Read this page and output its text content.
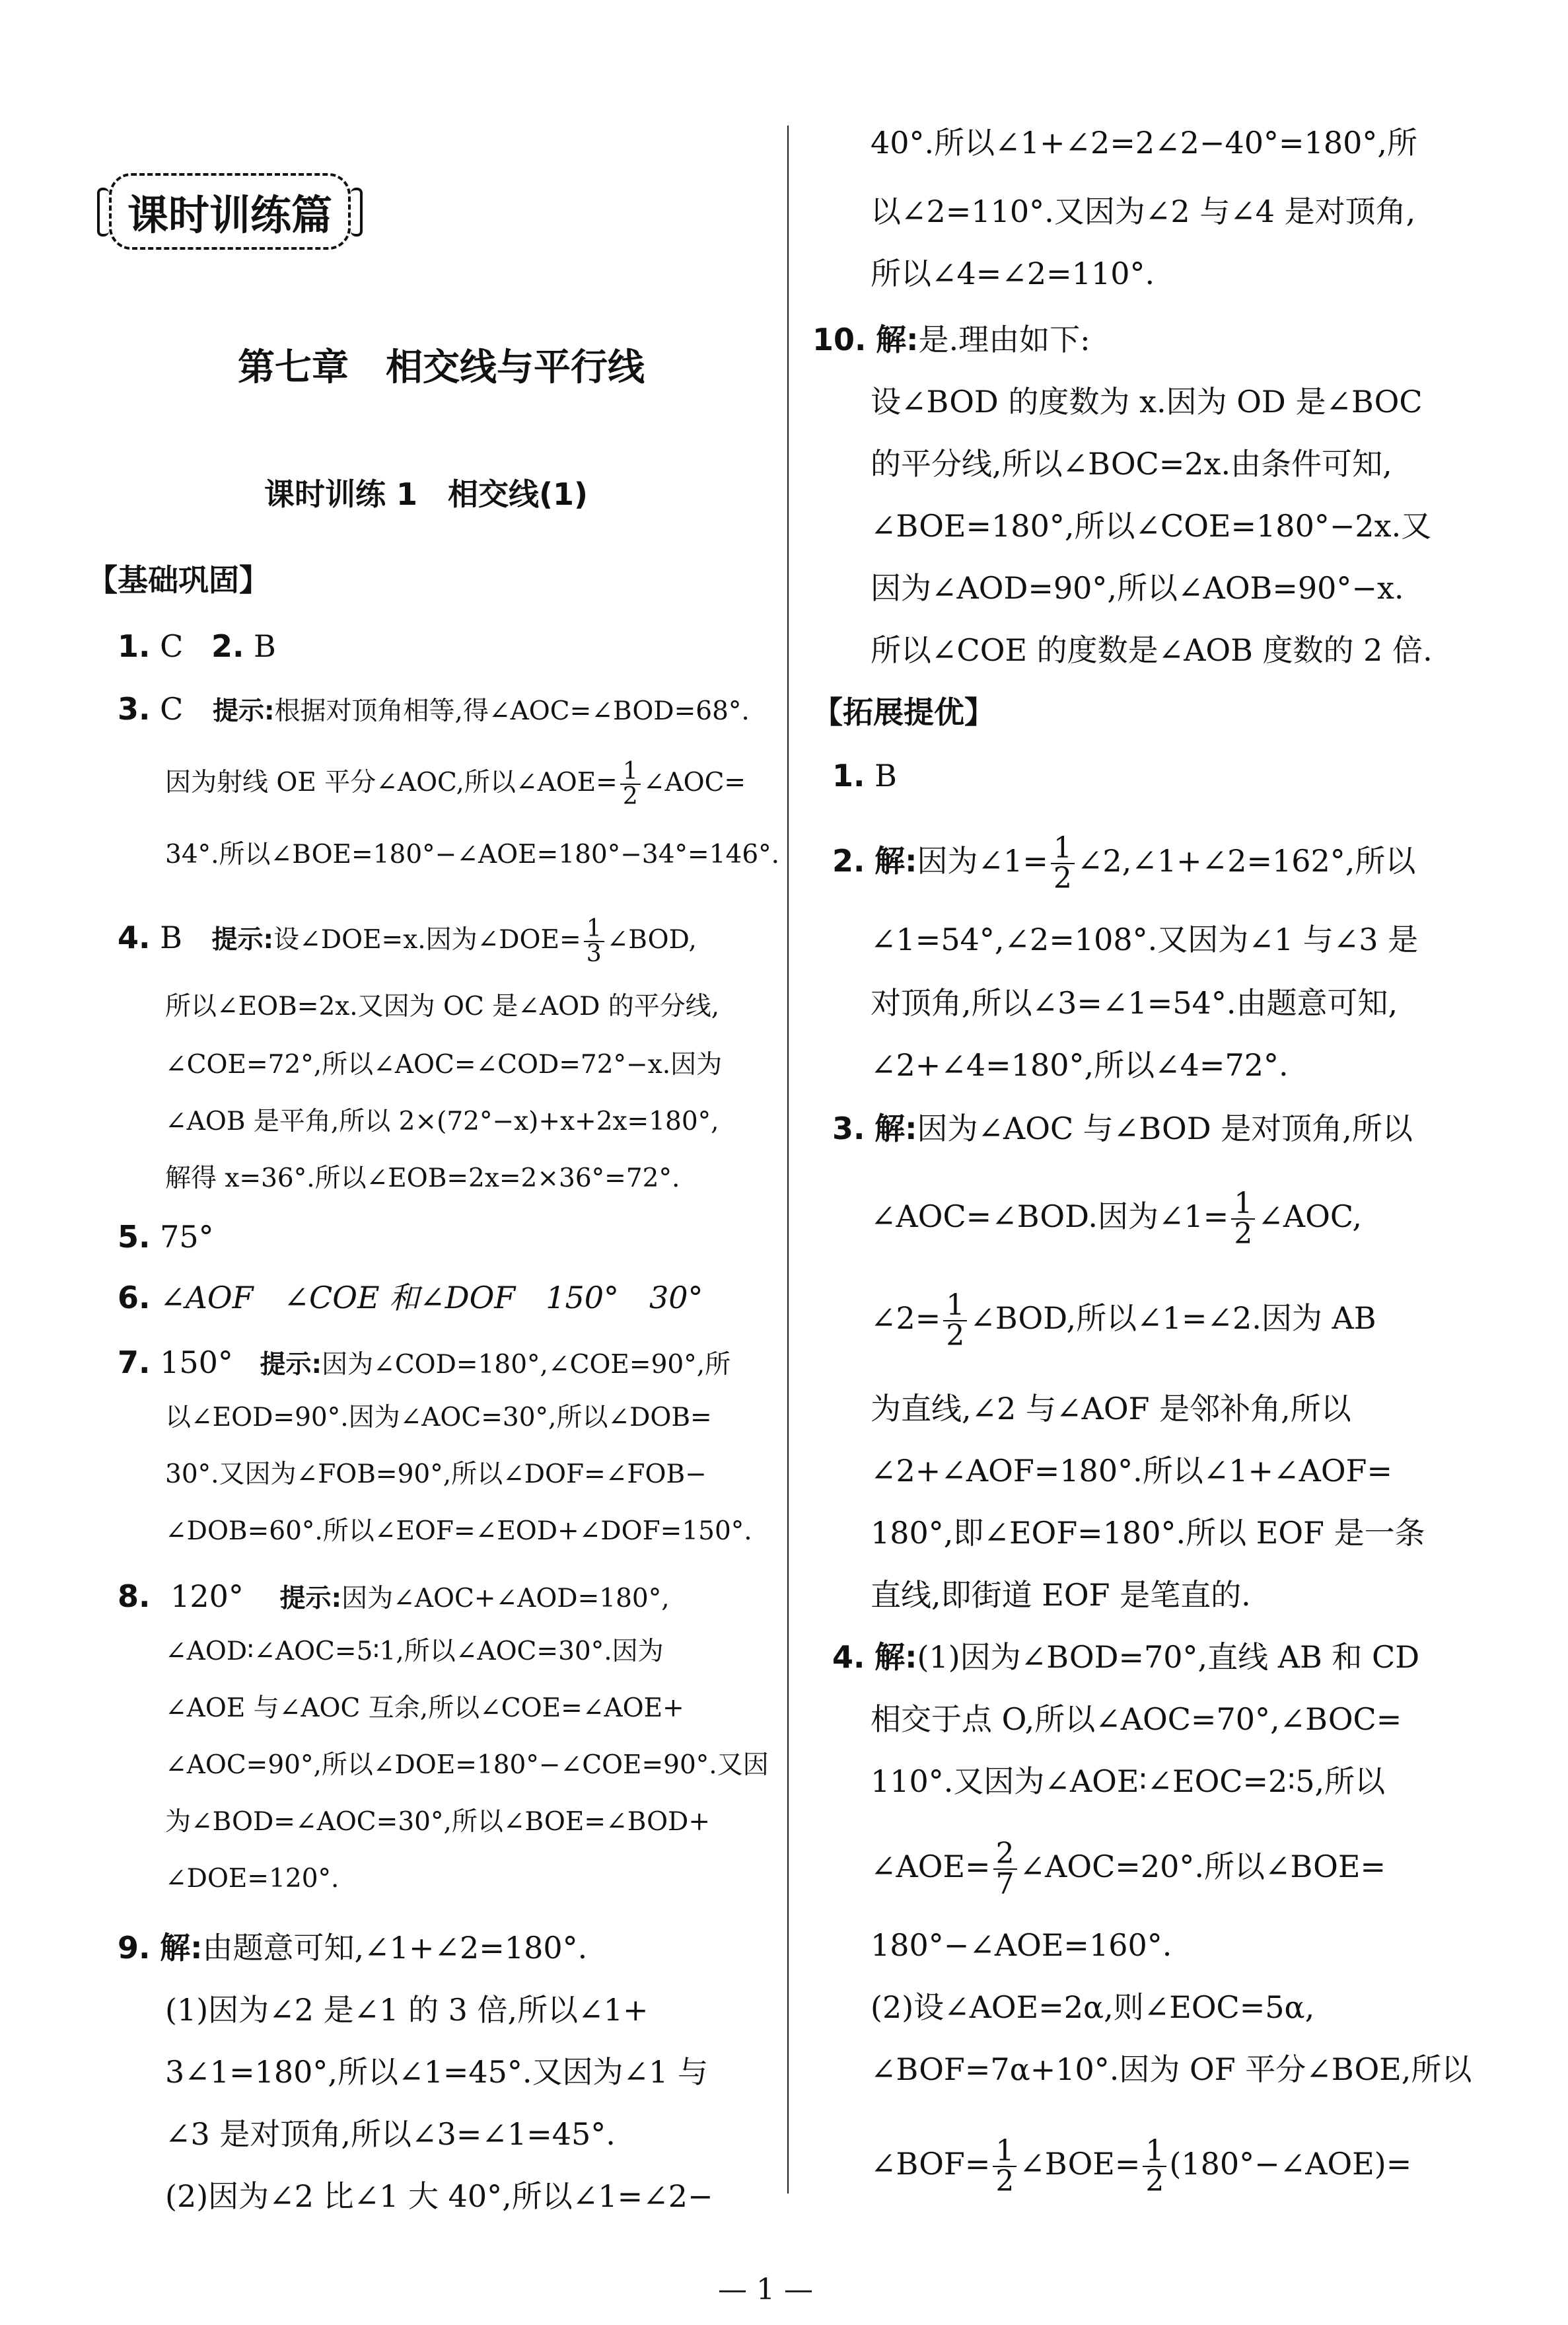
课时训练篇
第七章　相交线与平行线
课时训练 1　相交线(1)
【基础巩固】
1. C 2. B
3. C 提示:根据对顶角相等,得∠AOC=∠BOD=68°.
因为射线 OE 平分∠AOC,所以∠AOE= $\frac{1}{2}$ ∠AOC=
34°.所以∠BOE=180°−∠AOE=180°−34°=146°.
4. B 提示:设∠DOE=x.因为∠DOE= $\frac{1}{3}$ ∠BOD,
所以∠EOB=2x.又因为 OC 是∠AOD 的平分线,
∠COE=72°,所以∠AOC=∠COD=72°−x.因为
∠AOB 是平角,所以 2×(72°−x)+x+2x=180°,
解得 x=36°.所以∠EOB=2x=2×36°=72°.
5. 75°
6. ∠AOF　∠COE 和∠DOF　150°　30°
7. 150° 提示:因为∠COD=180°,∠COE=90°,所
以∠EOD=90°.因为∠AOC=30°,所以∠DOB=
30°.又因为∠FOB=90°,所以∠DOF=∠FOB−
∠DOB=60°.所以∠EOF=∠EOD+∠DOF=150°.
8. 120° 提示:因为∠AOC+∠AOD=180°,
∠AOD∶∠AOC=5∶1,所以∠AOC=30°.因为
∠AOE 与∠AOC 互余,所以∠COE=∠AOE+
∠AOC=90°,所以∠DOE=180°−∠COE=90°.又因
为∠BOD=∠AOC=30°,所以∠BOE=∠BOD+
∠DOE=120°.
9. 解:由题意可知,∠1+∠2=180°.
(1)因为∠2 是∠1 的 3 倍,所以∠1+
3∠1=180°,所以∠1=45°.又因为∠1 与
∠3 是对顶角,所以∠3=∠1=45°.
(2)因为∠2 比∠1 大 40°,所以∠1=∠2−
40°.所以∠1+∠2=2∠2−40°=180°,所
以∠2=110°.又因为∠2 与∠4 是对顶角,
所以∠4=∠2=110°.
10. 解:是.理由如下:
设∠BOD 的度数为 x.因为 OD 是∠BOC
的平分线,所以∠BOC=2x.由条件可知,
∠BOE=180°,所以∠COE=180°−2x.又
因为∠AOD=90°,所以∠AOB=90°−x.
所以∠COE 的度数是∠AOB 度数的 2 倍.
【拓展提优】
1. B
2. 解:因为∠1= $\frac{1}{2}$ ∠2,∠1+∠2=162°,所以
∠1=54°,∠2=108°.又因为∠1 与∠3 是
对顶角,所以∠3=∠1=54°.由题意可知,
∠2+∠4=180°,所以∠4=72°.
3. 解:因为∠AOC 与∠BOD 是对顶角,所以
∠AOC=∠BOD.因为∠1= $\frac{1}{2}$ ∠AOC,
∠2= $\frac{1}{2}$ ∠BOD,所以∠1=∠2.因为 AB
为直线,∠2 与∠AOF 是邻补角,所以
∠2+∠AOF=180°.所以∠1+∠AOF=
180°,即∠EOF=180°.所以 EOF 是一条
直线,即街道 EOF 是笔直的.
4. 解:(1)因为∠BOD=70°,直线 AB 和 CD
相交于点 O,所以∠AOC=70°,∠BOC=
110°.又因为∠AOE∶∠EOC=2∶5,所以
∠AOE= $\frac{2}{7}$ ∠AOC=20°.所以∠BOE=
180°−∠AOE=160°.
(2)设∠AOE=2α,则∠EOC=5α,
∠BOF=7α+10°.因为 OF 平分∠BOE,所以
∠BOF= $\frac{1}{2}$ ∠BOE= $\frac{1}{2}$ (180°−∠AOE)=
— 1 —
